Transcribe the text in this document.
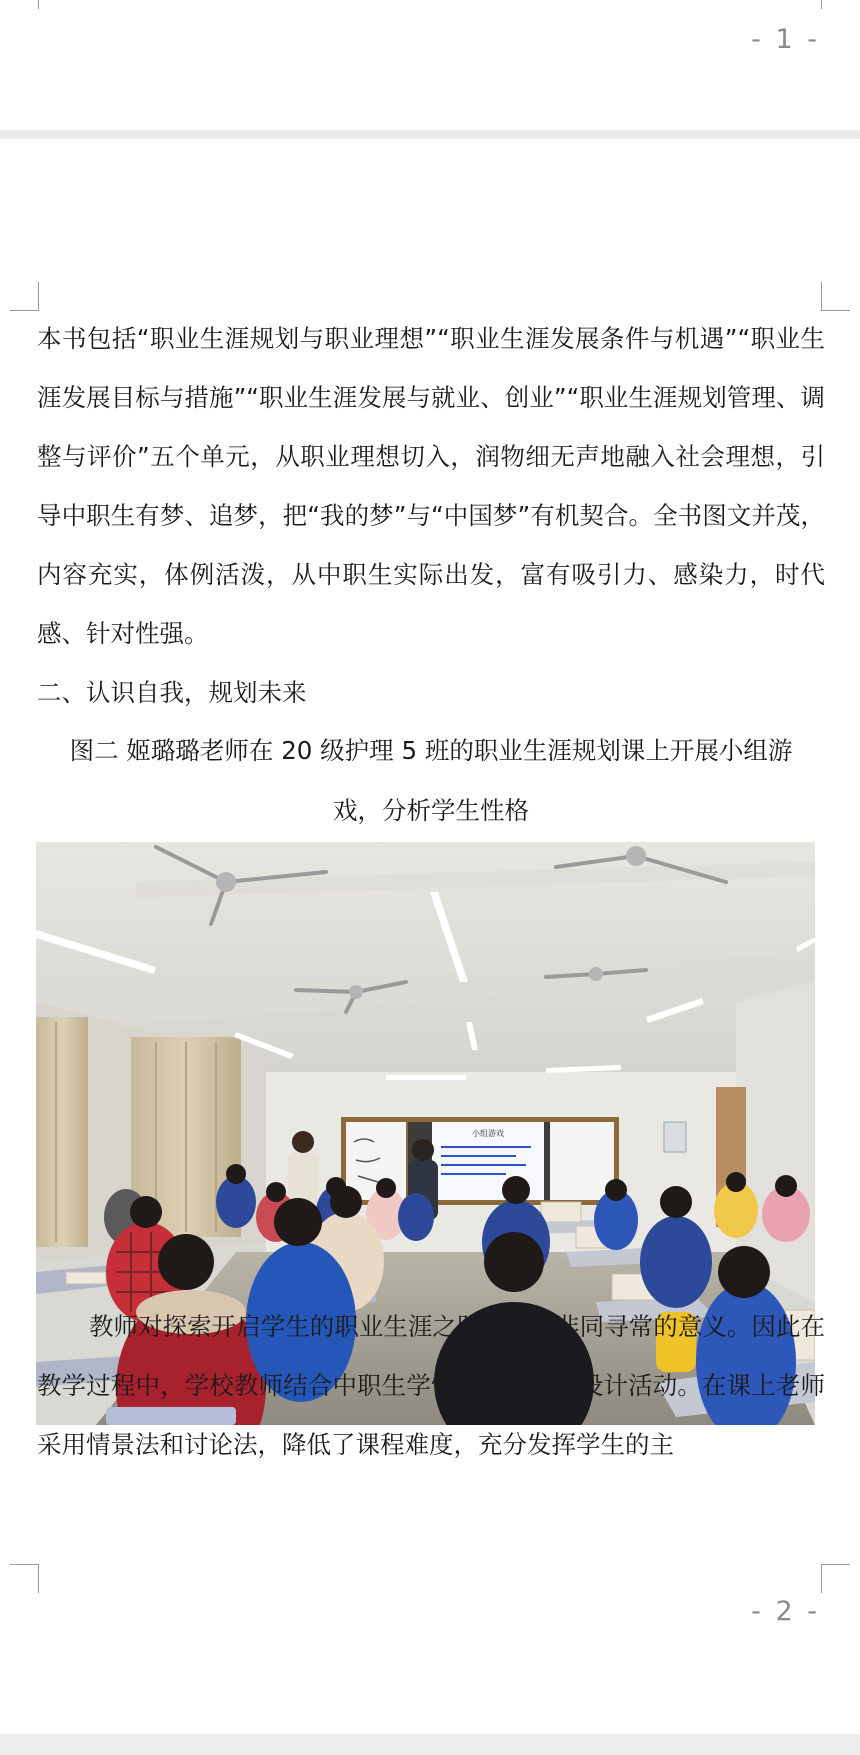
- 1 -

本书包括“职业生涯规划与职业理想”“职业生涯发展条件与机遇”“职业生涯发展目标与措施”“职业生涯发展与就业、创业”“职业生涯规划管理、调整与评价”五个单元，从职业理想切入，润物细无声地融入社会理想，引导中职生有梦、追梦，把“我的梦”与“中国梦”有机契合。全书图文并茂，内容充实，体例活泼，从中职生实际出发，富有吸引力、感染力，时代感、针对性强。

二、认识自我，规划未来

图二 姬璐璐老师在 20 级护理 5 班的职业生涯规划课上开展小组游

戏，分析学生性格

小组游戏

教师对探索开启学生的职业生涯之路，有着非同寻常的意义。因此在教学过程中，学校教师结合中职生学情精心备课，设计活动。在课上老师采用情景法和讨论法，降低了课程难度，充分发挥学生的主

- 2 -
